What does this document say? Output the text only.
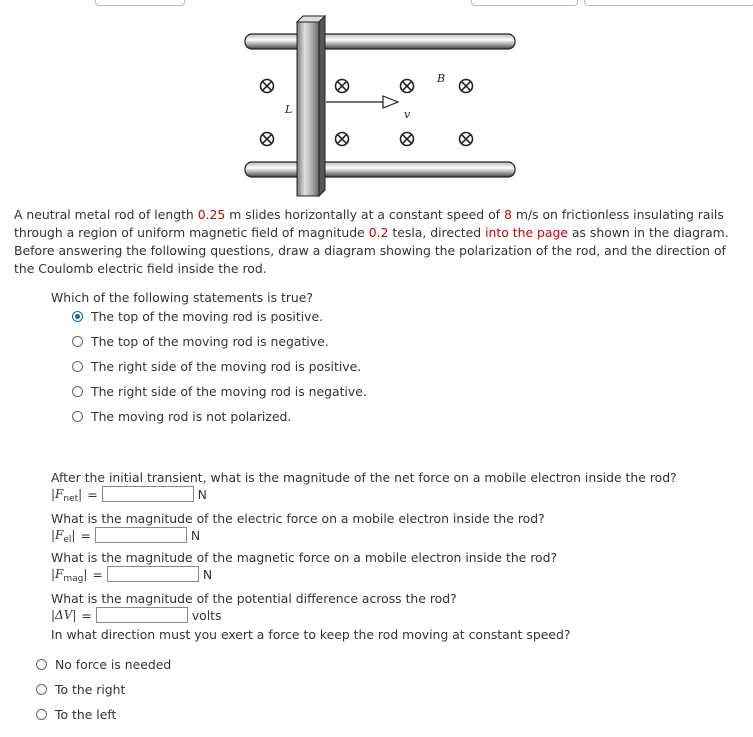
L	v
B
A neutral metal rod of length 0.25 m slides horizontally at a constant speed of 8 m/s on frictionless insulating rails through a region of uniform magnetic field of magnitude 0.2 tesla, directed into the page as shown in the diagram. Before answering the following questions, draw a diagram showing the polarization of the rod, and the direction of the Coulomb electric field inside the rod.
Which of the following statements is true?
The top of the moving rod is positive.
The top of the moving rod is negative.
The right side of the moving rod is positive.
The right side of the moving rod is negative.
The moving rod is not polarized.
After the initial transient, what is the magnitude of the net force on a mobile electron inside the rod?
$|F_{net}|$ =	N
What is the magnitude of the electric force on a mobile electron inside the rod?
$|F_{el}|$ =	N
What is the magnitude of the magnetic force on a mobile electron inside the rod?
$|F_{mag}|$ =	N
What is the magnitude of the potential difference across the rod?
|ΔV| =	volts
In what direction must you exert a force to keep the rod moving at constant speed?
No force is needed
To the right
To the left
